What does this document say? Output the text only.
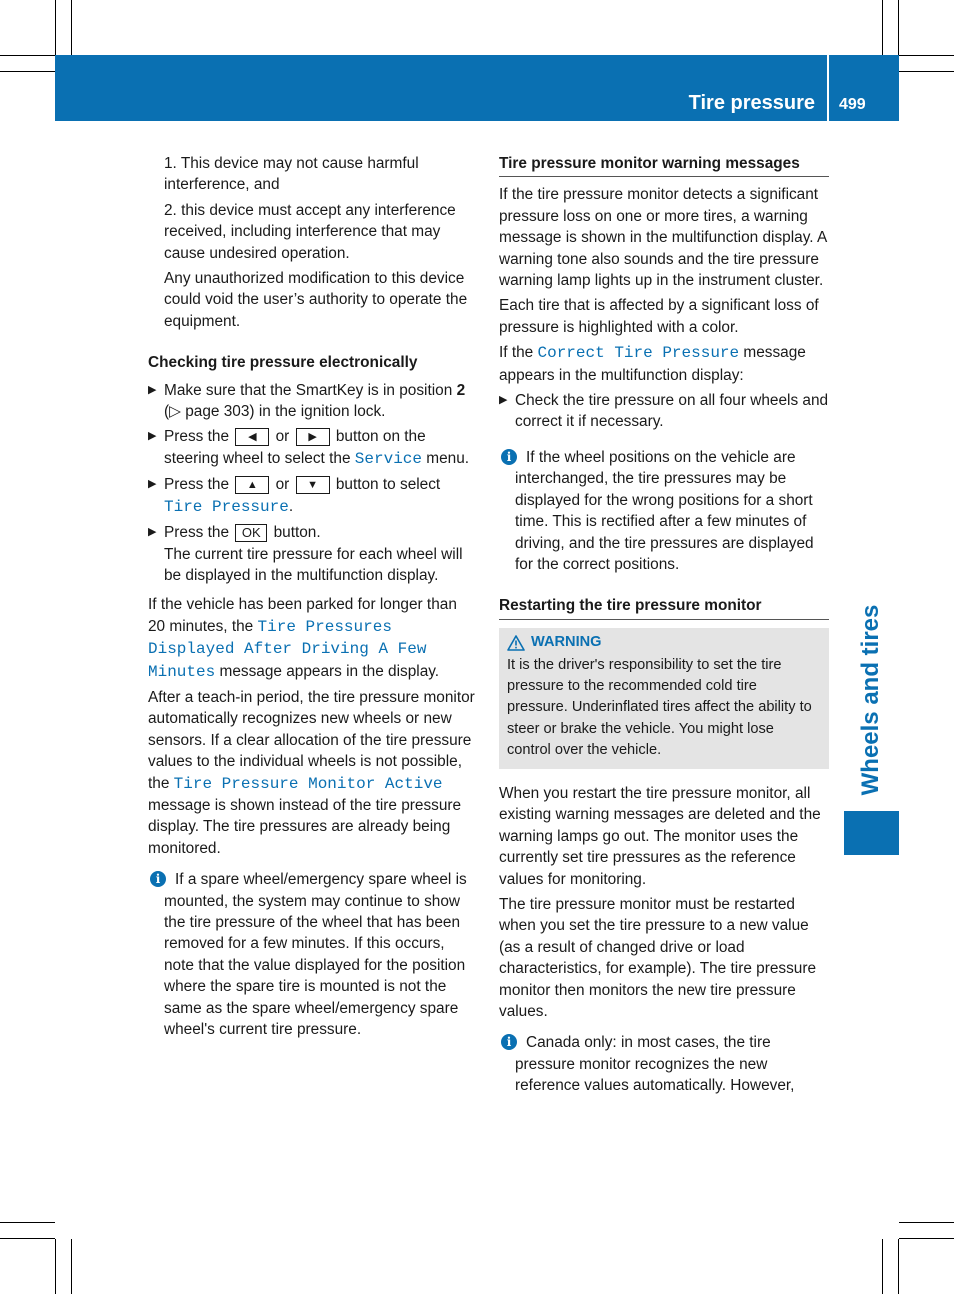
Tire pressure 499
Wheels and tires

1. This device may not cause harmful interference, and

2. this device must accept any interference received, including interference that may cause undesired operation.

Any unauthorized modification to this device could void the user’s authority to operate the equipment.

Checking tire pressure electronically
▶ Make sure that the SmartKey is in position 2 (▷ page 303) in the ignition lock.
▶ Press the ◀ or ▶ button on the steering wheel to select the Service menu.
▶ Press the ▲ or ▼ button to select Tire Pressure.
▶ Press the OK button.
The current tire pressure for each wheel will be displayed in the multifunction display.

If the vehicle has been parked for longer than 20 minutes, the Tire Pressures Displayed After Driving A Few Minutes message appears in the display.

After a teach-in period, the tire pressure monitor automatically recognizes new wheels or new sensors. If a clear allocation of the tire pressure values to the individual wheels is not possible, the Tire Pressure Monitor Active message is shown instead of the tire pressure display. The tire pressures are already being monitored.

i If a spare wheel/emergency spare wheel is mounted, the system may continue to show the tire pressure of the wheel that has been removed for a few minutes. If this occurs, note that the value displayed for the position where the spare tire is mounted is not the same as the spare wheel/emergency spare wheel's current tire pressure.
Tire pressure monitor warning messages

If the tire pressure monitor detects a significant pressure loss on one or more tires, a warning message is shown in the multifunction display. A warning tone also sounds and the tire pressure warning lamp lights up in the instrument cluster.

Each tire that is affected by a significant loss of pressure is highlighted with a color.

If the Correct Tire Pressure message appears in the multifunction display:

▶ Check the tire pressure on all four wheels and correct it if necessary.
i If the wheel positions on the vehicle are interchanged, the tire pressures may be displayed for the wrong positions for a short time. This is rectified after a few minutes of driving, and the tire pressures are displayed for the correct positions.
Restarting the tire pressure monitor
WARNING
It is the driver's responsibility to set the tire pressure to the recommended cold tire pressure. Underinflated tires affect the ability to steer or brake the vehicle. You might lose control over the vehicle.

When you restart the tire pressure monitor, all existing warning messages are deleted and the warning lamps go out. The monitor uses the currently set tire pressures as the reference values for monitoring.

The tire pressure monitor must be restarted when you set the tire pressure to a new value (as a result of changed drive or load characteristics, for example). The tire pressure monitor then monitors the new tire pressure values.

i Canada only: in most cases, the tire pressure monitor recognizes the new reference values automatically. However,
